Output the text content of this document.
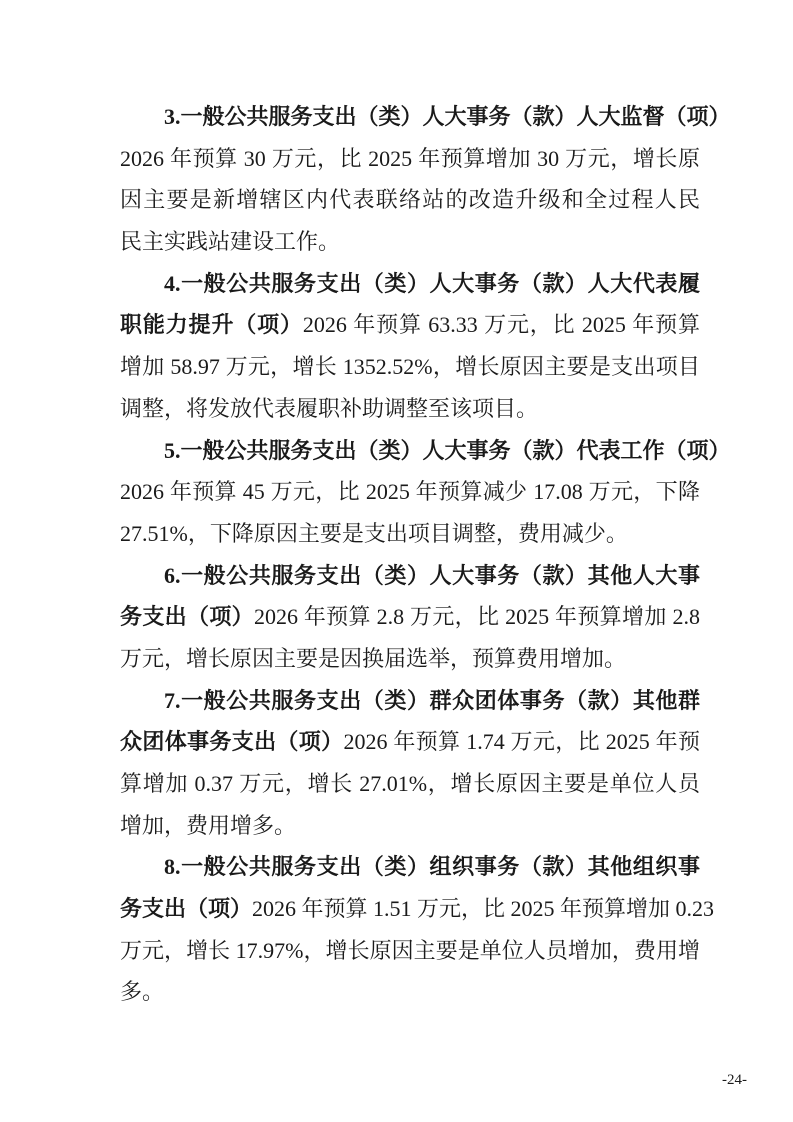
3.一般公共服务支出（类）人大事务（款）人大监督（项）
2026 年预算 30 万元，比 2025 年预算增加 30 万元，增长原
因主要是新增辖区内代表联络站的改造升级和全过程人民
民主实践站建设工作。
4.一般公共服务支出（类）人大事务（款）人大代表履
职能力提升（项）2026 年预算 63.33 万元，比 2025 年预算
增加 58.97 万元，增长 1352.52%，增长原因主要是支出项目
调整，将发放代表履职补助调整至该项目。
5.一般公共服务支出（类）人大事务（款）代表工作（项）
2026 年预算 45 万元，比 2025 年预算减少 17.08 万元，下降
27.51%，下降原因主要是支出项目调整，费用减少。
6.一般公共服务支出（类）人大事务（款）其他人大事
务支出（项）2026 年预算 2.8 万元，比 2025 年预算增加 2.8
万元，增长原因主要是因换届选举，预算费用增加。
7.一般公共服务支出（类）群众团体事务（款）其他群
众团体事务支出（项）2026 年预算 1.74 万元，比 2025 年预
算增加 0.37 万元，增长 27.01%，增长原因主要是单位人员
增加，费用增多。
8.一般公共服务支出（类）组织事务（款）其他组织事
务支出（项）2026 年预算 1.51 万元，比 2025 年预算增加 0.23
万元，增长 17.97%，增长原因主要是单位人员增加，费用增
多。
-24-
